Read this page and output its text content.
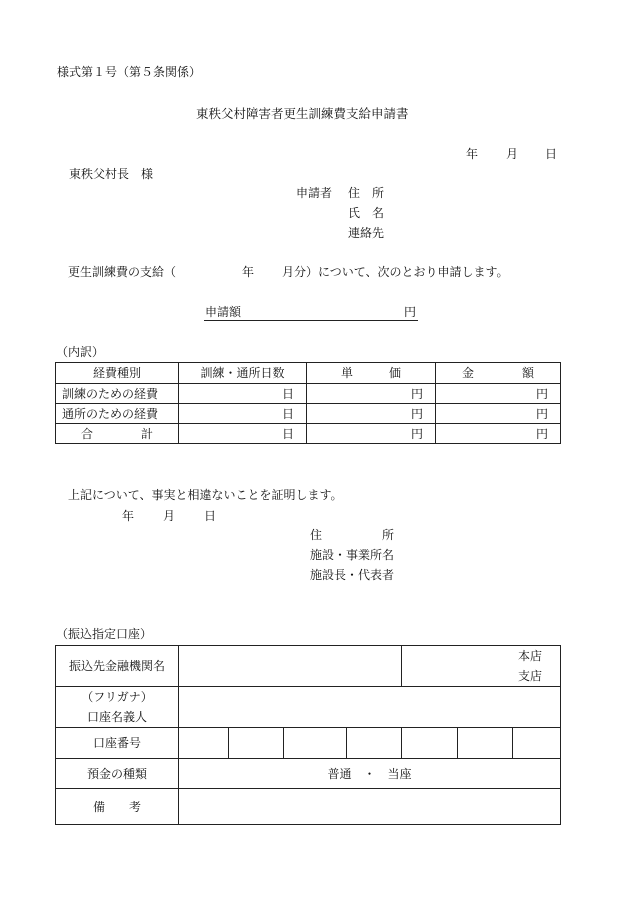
様式第１号（第５条関係）
東秩父村障害者更生訓練費支給申請書
年 月 日
東秩父村長　様
申請者 住　所
氏　名
連絡先
更生訓練費の支給（	年 月分）について、次のとおり申請します。
申請額	円
（内訳）
経費種別	訓練・通所日数	単　　　価	金　　　　額
訓練のための経費	日	円	円
通所のための経費	日	円	円
合　　　　計	日	円	円
上記について、事実と相違ないことを証明します。
年 月 日
住　　　　　所
施設・事業所名
施設長・代表者
（振込指定口座）
振込先金融機関名					本店
支店		
（フリガナ）
口座名義人							
口座番号							
預金の種類	普通　・　当座						
備　　考							
